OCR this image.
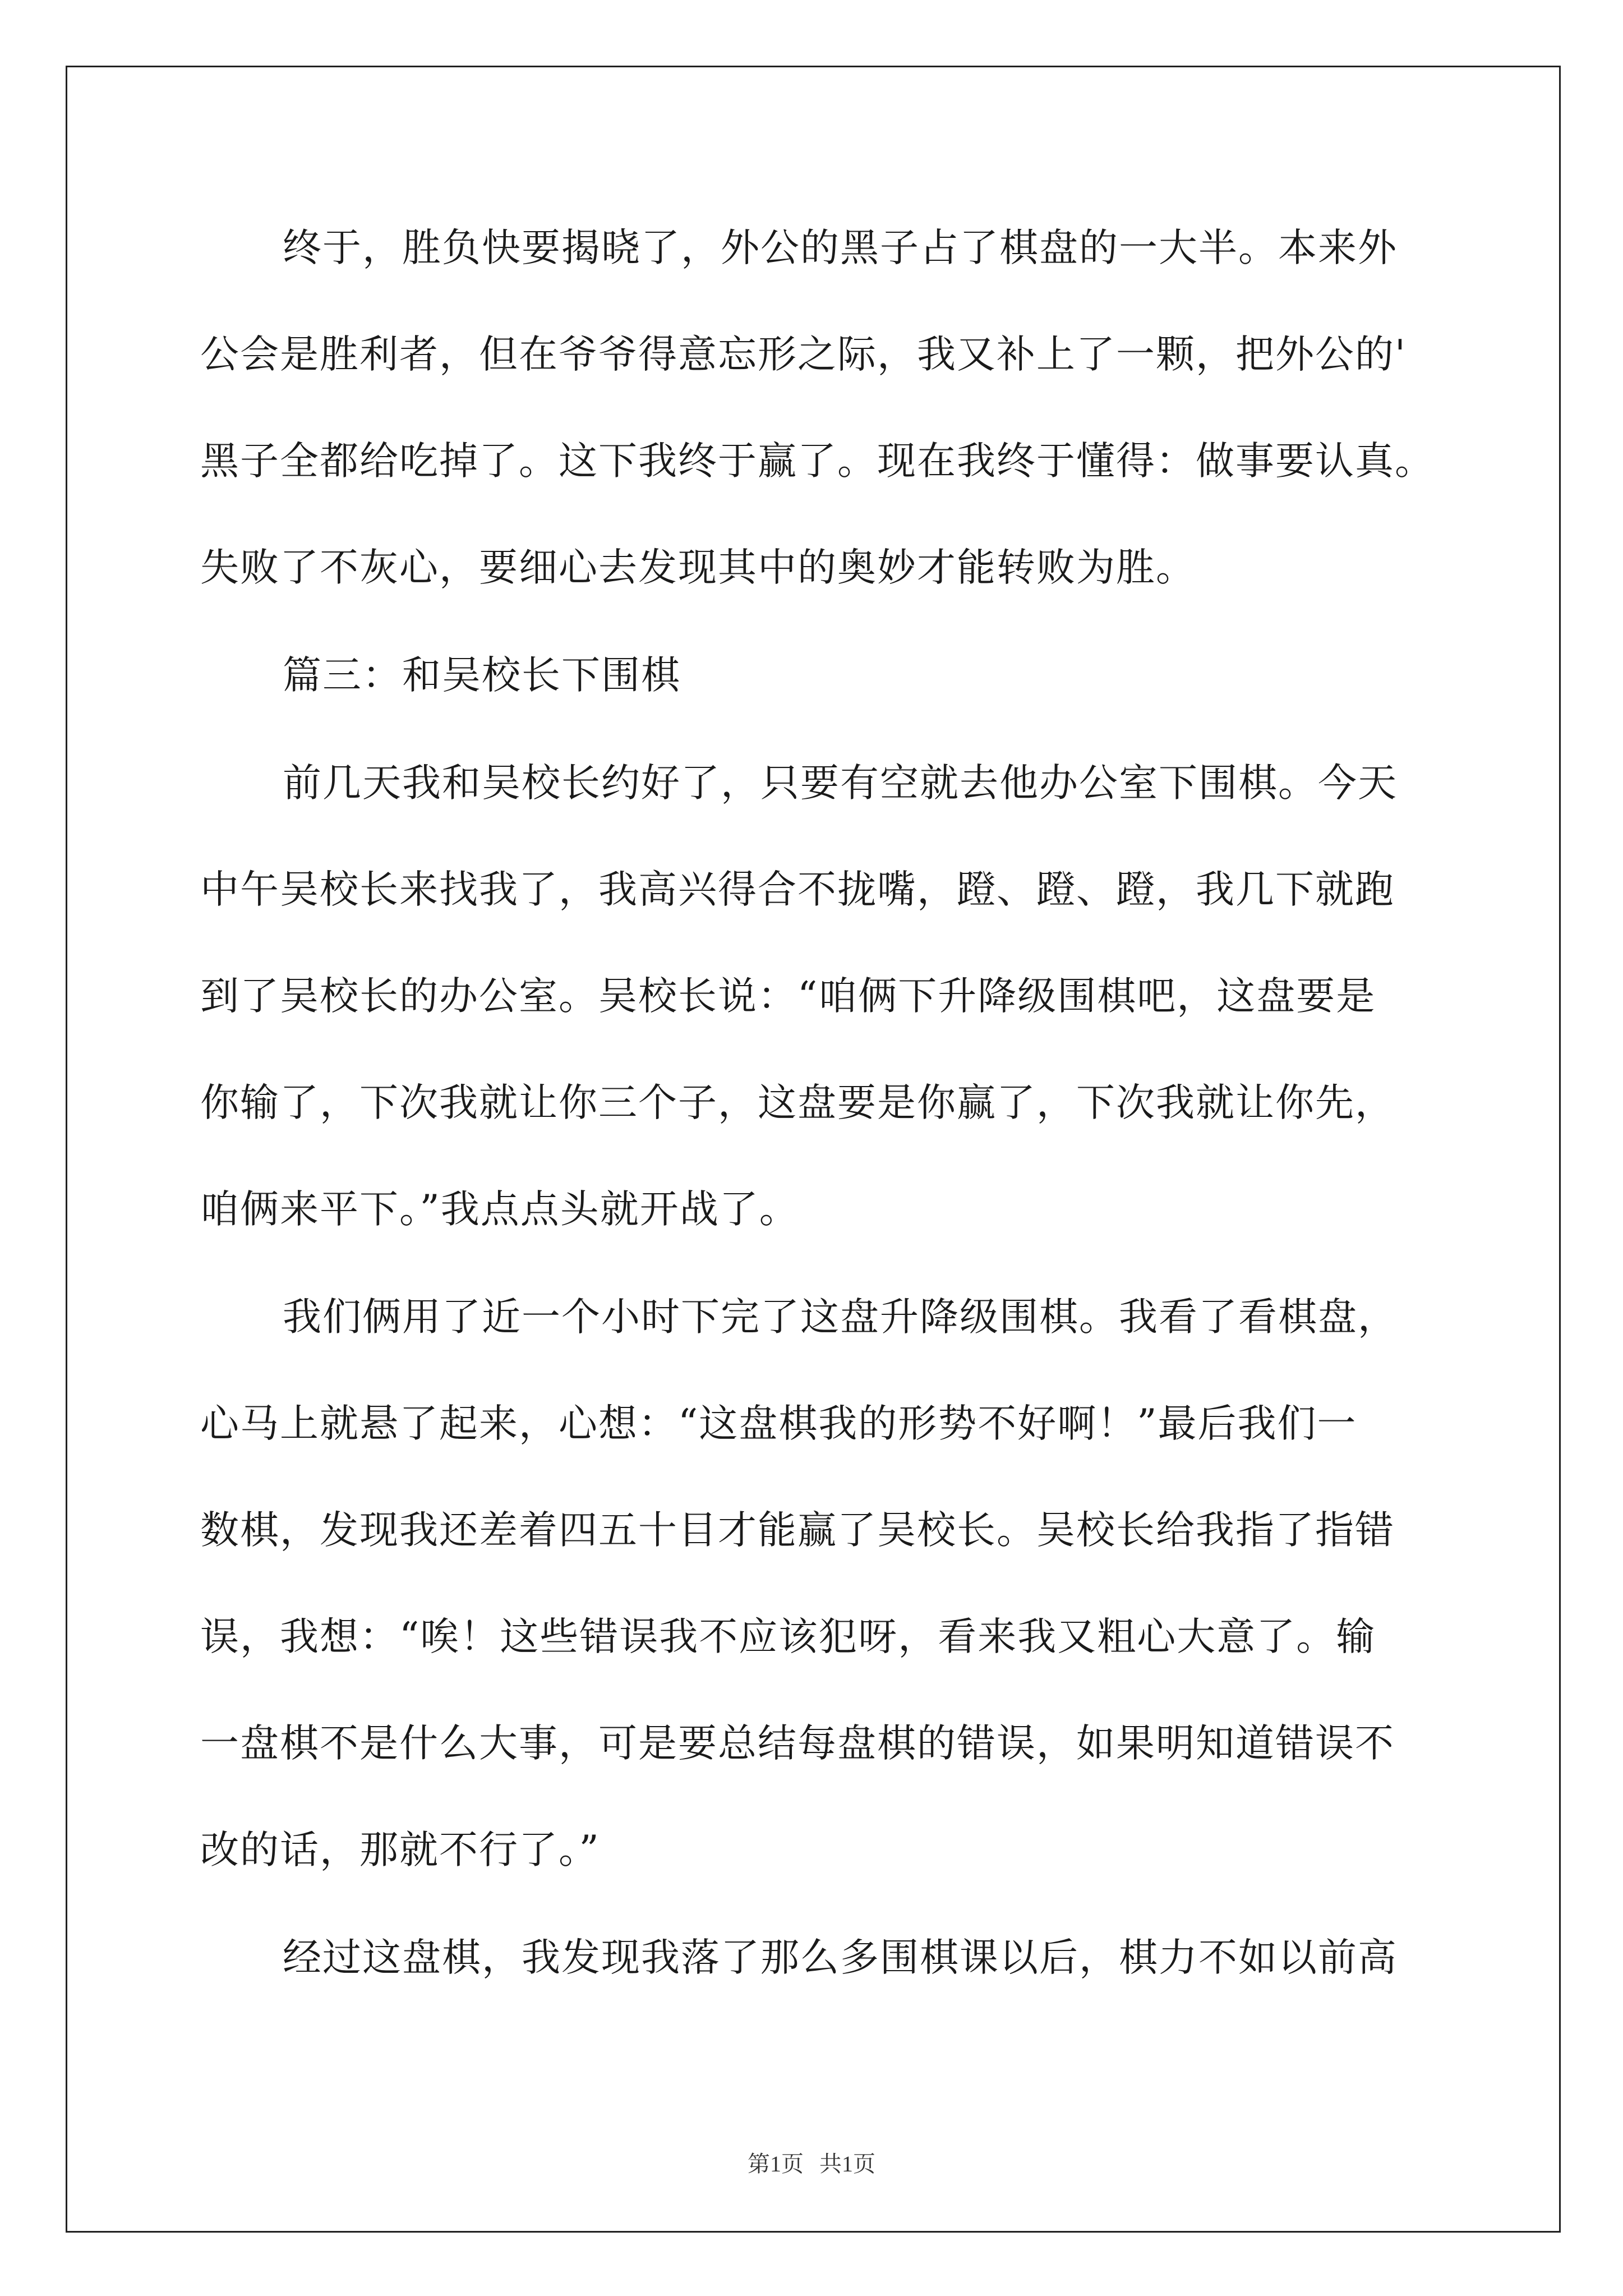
终于，胜负快要揭晓了，外公的黑子占了棋盘的一大半。本来外
公会是胜利者，但在爷爷得意忘形之际，我又补上了一颗，把外公的'
黑子全都给吃掉了。这下我终于赢了。现在我终于懂得：做事要认真。
失败了不灰心，要细心去发现其中的奥妙才能转败为胜。
篇三：和吴校长下围棋
前几天我和吴校长约好了，只要有空就去他办公室下围棋。今天
中午吴校长来找我了，我高兴得合不拢嘴，蹬、蹬、蹬，我几下就跑
到了吴校长的办公室。吴校长说：“咱俩下升降级围棋吧，这盘要是
你输了，下次我就让你三个子，这盘要是你赢了，下次我就让你先，
咱俩来平下。”我点点头就开战了。
我们俩用了近一个小时下完了这盘升降级围棋。我看了看棋盘，
心马上就悬了起来，心想：“这盘棋我的形势不好啊！”最后我们一
数棋，发现我还差着四五十目才能赢了吴校长。吴校长给我指了指错
误，我想：“唉！这些错误我不应该犯呀，看来我又粗心大意了。输
一盘棋不是什么大事，可是要总结每盘棋的错误，如果明知道错误不
改的话，那就不行了。”
经过这盘棋，我发现我落了那么多围棋课以后，棋力不如以前高
第1页 共1页
